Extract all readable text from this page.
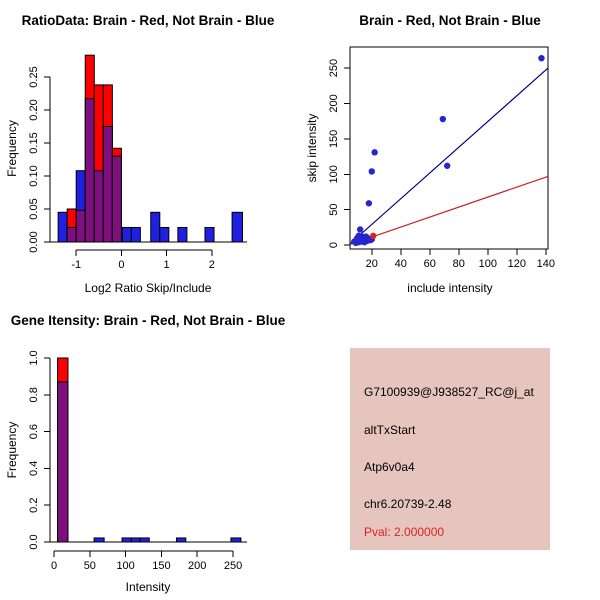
RatioData: Brain - Red, Not Brain - Blue
Log2 Ratio Skip/Include
Frequency
-1	0	1	2
0.00
0.05
0.10
0.15
0.20
0.25
Brain - Red, Not Brain - Blue
include intensity
skip intensity
20 40 60 80 100 120 140
0
50
100
150
200
250
Gene Itensity: Brain - Red, Not Brain - Blue
Intensity
Frequency
0 50 100 150 200 250
0.0
0.2
0.4
0.6
0.8
1.0
G7100939@J938527_RC@j_at
altTxStart
Atp6v0a4
chr6.20739-2.48
Pval: 2.000000
